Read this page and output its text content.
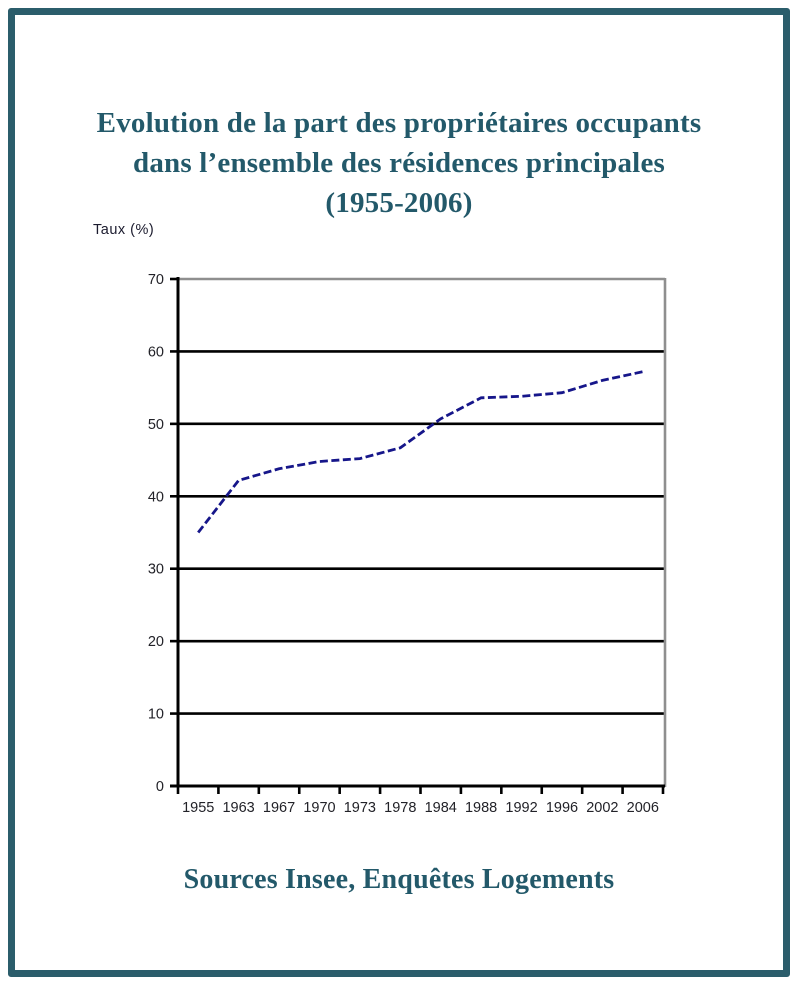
Evolution de la part des propriétaires occupants
dans l’ensemble des résidences principales
(1955-2006)
Taux (%)
0
10
20
30
40
50
60
70
1955 1963 1967 1970 1973 1978 1984 1988 1992 1996 2002 2006
Sources Insee, Enquêtes Logements
